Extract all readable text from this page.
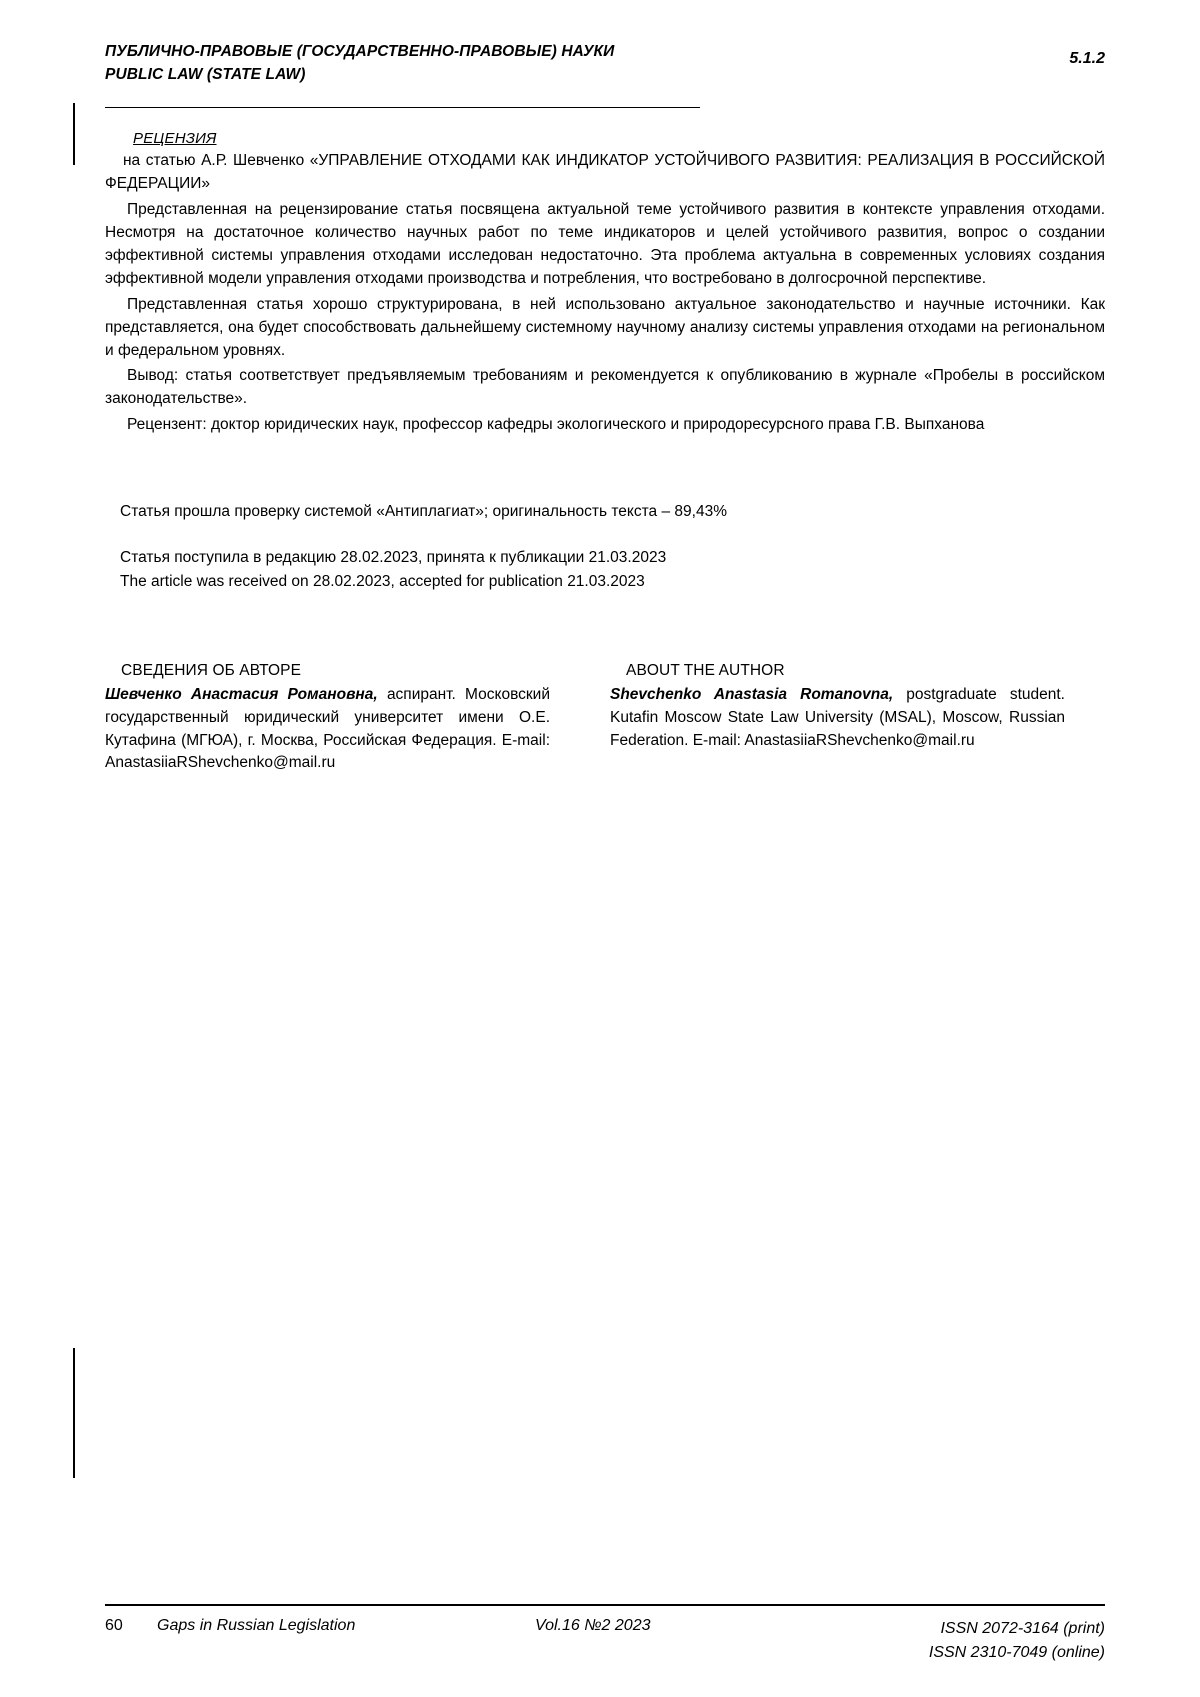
ПУБЛИЧНО-ПРАВОВЫЕ (ГОСУДАРСТВЕННО-ПРАВОВЫЕ) НАУКИ
PUBLIC LAW (STATE LAW)
5.1.2
РЕЦЕНЗИЯ
на статью А.Р. Шевченко «УПРАВЛЕНИЕ ОТХОДАМИ КАК ИНДИКАТОР УСТОЙЧИВОГО РАЗВИТИЯ: РЕАЛИЗАЦИЯ В РОССИЙСКОЙ ФЕДЕРАЦИИ»
Представленная на рецензирование статья посвящена актуальной теме устойчивого развития в контексте управления отходами. Несмотря на достаточное количество научных работ по теме индикаторов и целей устойчивого развития, вопрос о создании эффективной системы управления отходами исследован недостаточно. Эта проблема актуальна в современных условиях создания эффективной модели управления отходами производства и потребления, что востребовано в долгосрочной перспективе.
Представленная статья хорошо структурирована, в ней использовано актуальное законодательство и научные источники. Как представляется, она будет способствовать дальнейшему системному научному анализу системы управления отходами на региональном и федеральном уровнях.
Вывод: статья соответствует предъявляемым требованиям и рекомендуется к опубликованию в журнале «Пробелы в российском законодательстве».
Рецензент: доктор юридических наук, профессор кафедры экологического и природоресурсного права Г.В. Выпханова
Статья прошла проверку системой «Антиплагиат»; оригинальность текста – 89,43%
Статья поступила в редакцию 28.02.2023, принята к публикации 21.03.2023
The article was received on 28.02.2023, accepted for publication 21.03.2023
СВЕДЕНИЯ ОБ АВТОРЕ
Шевченко Анастасия Романовна, аспирант. Московский государственный юридический университет имени О.Е. Кутафина (МГЮА), г. Москва, Российская Федерация. E-mail: AnastasiiaRShevchenko@mail.ru
ABOUT THE AUTHOR
Shevchenko Anastasia Romanovna, postgraduate student. Kutafin Moscow State Law University (MSAL), Moscow, Russian Federation. E-mail: AnastasiiaRShevchenko@mail.ru
60	Gaps in Russian Legislation	Vol.16 №2 2023	ISSN 2072-3164 (print)
ISSN 2310-7049 (online)
